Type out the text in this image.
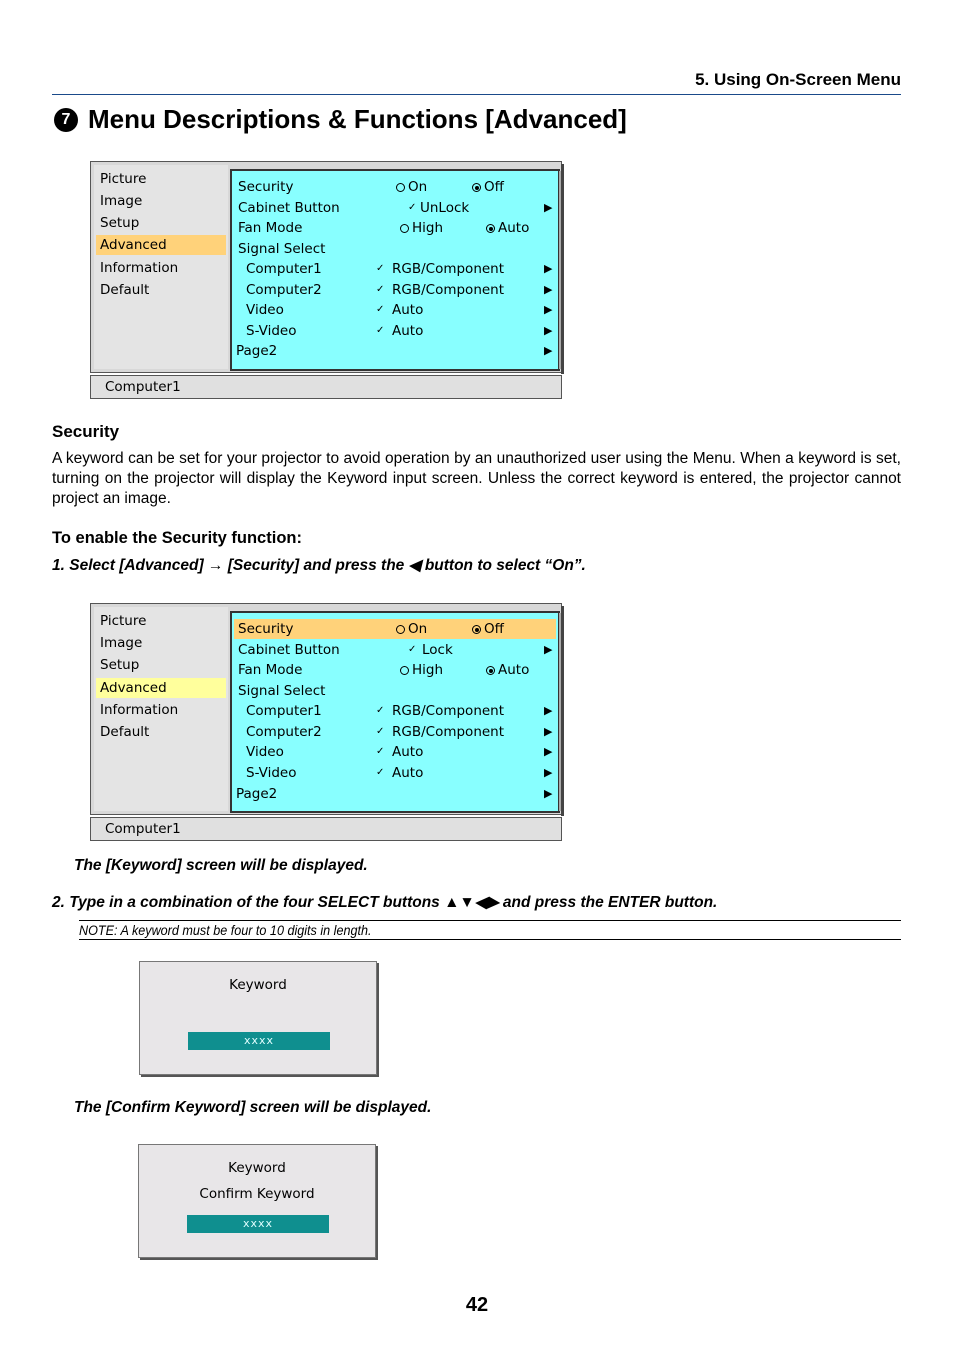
5. Using On-Screen Menu
7 Menu Descriptions & Functions [Advanced]
Picture
Image
Setup
Advanced
Information
Default
Security	On	Off
Cabinet Button	✓ UnLock	▶
Fan Mode	High	Auto
Signal Select
Computer1	✓ RGB/Component	▶
Computer2	✓ RGB/Component	▶
Video	✓ Auto	▶
S-Video	✓ Auto	▶
Page2	▶
Computer1
Security
A keyword can be set for your projector to avoid operation by an unauthorized user using the Menu. When a keyword is set, turning on the projector will display the Keyword input screen. Unless the correct keyword is entered, the projector cannot project an image.
To enable the Security function:
1. Select [Advanced] → [Security] and press the ◀ button to select “On”.
Picture
Image
Setup
Advanced
Information
Default
Security	On	Off
Cabinet Button	✓ Lock	▶
Fan Mode	High	Auto
Signal Select
Computer1	✓ RGB/Component	▶
Computer2	✓ RGB/Component	▶
Video	✓ Auto	▶
S-Video	✓ Auto	▶
Page2	▶
Computer1
The [Keyword] screen will be displayed.
2. Type in a combination of the four SELECT buttons ▲▼◀▶ and press the ENTER button.
NOTE: A keyword must be four to 10 digits in length.
Keyword
xxxx
The [Confirm Keyword] screen will be displayed.
Keyword
Confirm Keyword
xxxx
42
